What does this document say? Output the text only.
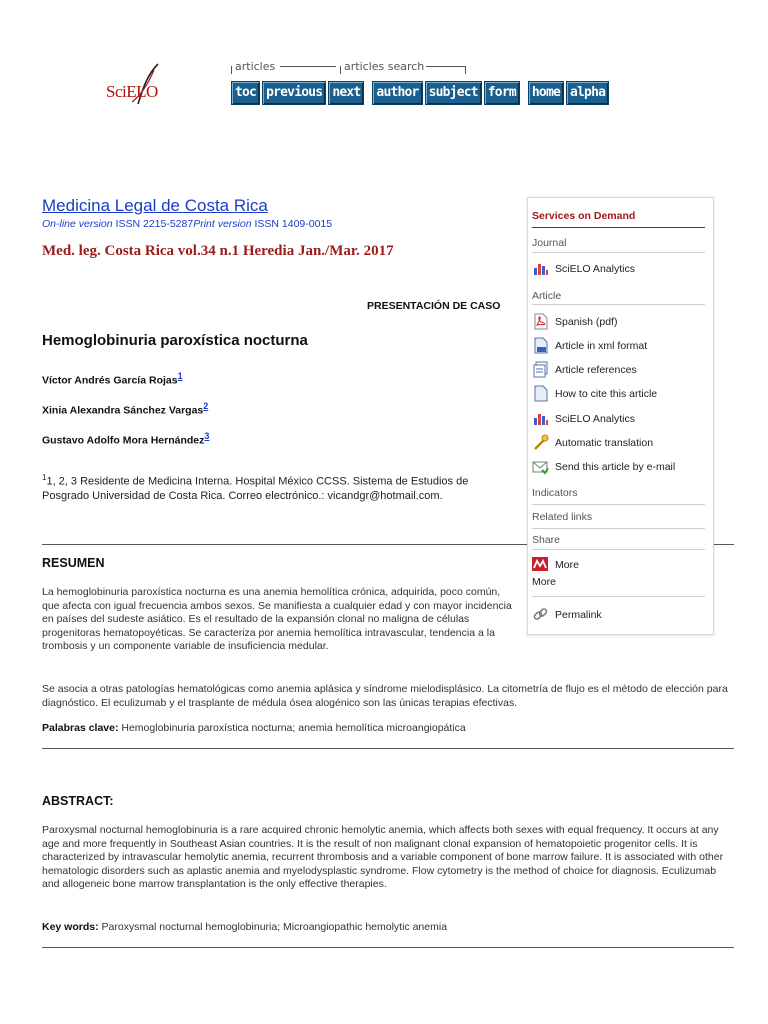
SciELO
articles	articles search
toc previous next	author subject form	home alpha
Medicina Legal de Costa Rica
On-line version ISSN 2215-5287Print version ISSN 1409-0015
Med. leg. Costa Rica vol.34 n.1 Heredia Jan./Mar. 2017
PRESENTACIÓN DE CASO
Hemoglobinuria paroxística nocturna
Víctor Andrés García Rojas$^1$
Xinia Alexandra Sánchez Vargas$^2$
Gustavo Adolfo Mora Hernández$^3$
$^1$1, 2, 3 Residente de Medicina Interna. Hospital México CCSS. Sistema de Estudios de Posgrado Universidad de Costa Rica. Correo electrónico.: vicandgr@hotmail.com.
RESUMEN
La hemoglobinuria paroxística nocturna es una anemia hemolítica crónica, adquirida, poco común, que afecta con igual frecuencia ambos sexos. Se manifiesta a cualquier edad y con mayor incidencia en países del sudeste asiático. Es el resultado de la expansión clonal no maligna de células progenitoras hematopoyéticas. Se caracteriza por anemia hemolítica intravascular, tendencia a la trombosis y un componente variable de insuficiencia medular.
Se asocia a otras patologías hematológicas como anemia aplásica y síndrome mielodisplásico. La citometría de flujo es el método de elección para diagnóstico. El eculizumab y el trasplante de médula ósea alogénico son las únicas terapias efectivas.
Palabras clave: Hemoglobinuria paroxística nocturna; anemia hemolítica microangiopática
ABSTRACT:
Paroxysmal nocturnal hemoglobinuria is a rare acquired chronic hemolytic anemia, which affects both sexes with equal frequency. It occurs at any age and more frequently in Southeast Asian countries. It is the result of non malignant clonal expansion of hematopoietic progenitor cells. It is characterized by intravascular hemolytic anemia, recurrent thrombosis and a variable component of bone marrow failure. It is associated with other hematologic disorders such as aplastic anemia and myelodysplastic syndrome. Flow cytometry is the method of choice for diagnosis. Eculizumab and allogeneic bone marrow transplantation is the only effective therapies.
Key words: Paroxysmal nocturnal hemoglobinuria; Microangiopathic hemolytic anemia
Services on Demand
Journal
SciELO Analytics
Article
Spanish (pdf)
Article in xml format
Article references
How to cite this article
SciELO Analytics
Automatic translation
Send this article by e-mail
Indicators
Related links
Share
More
More
Permalink
